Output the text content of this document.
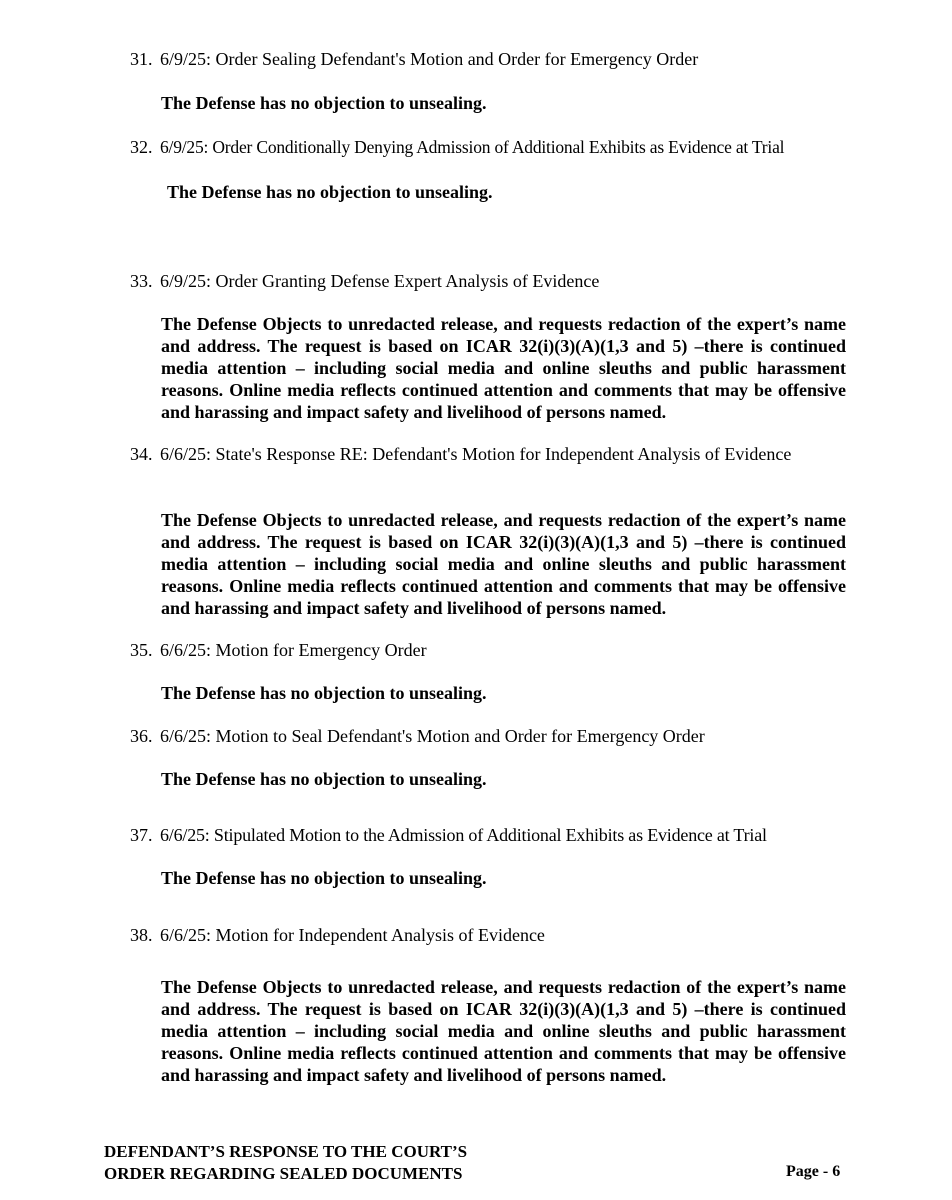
31. 6/9/25: Order Sealing Defendant's Motion and Order for Emergency Order

The Defense has no objection to unsealing.

32. 6/9/25: Order Conditionally Denying Admission of Additional Exhibits as Evidence at Trial

The Defense has no objection to unsealing.

33. 6/9/25: Order Granting Defense Expert Analysis of Evidence

The Defense Objects to unredacted release, and requests redaction of the expert’s name and address. The request is based on ICAR 32(i)(3)(A)(1,3 and 5) –there is continued media attention – including social media and online sleuths and public harassment reasons. Online media reflects continued attention and comments that may be offensive and harassing and impact safety and livelihood of persons named.

34. 6/6/25: State's Response RE: Defendant's Motion for Independent Analysis of Evidence

The Defense Objects to unredacted release, and requests redaction of the expert’s name and address. The request is based on ICAR 32(i)(3)(A)(1,3 and 5) –there is continued media attention – including social media and online sleuths and public harassment reasons. Online media reflects continued attention and comments that may be offensive and harassing and impact safety and livelihood of persons named.

35. 6/6/25: Motion for Emergency Order

The Defense has no objection to unsealing.

36. 6/6/25: Motion to Seal Defendant's Motion and Order for Emergency Order

The Defense has no objection to unsealing.

37. 6/6/25: Stipulated Motion to the Admission of Additional Exhibits as Evidence at Trial

The Defense has no objection to unsealing.

38. 6/6/25: Motion for Independent Analysis of Evidence

The Defense Objects to unredacted release, and requests redaction of the expert’s name and address. The request is based on ICAR 32(i)(3)(A)(1,3 and 5) –there is continued media attention – including social media and online sleuths and public harassment reasons. Online media reflects continued attention and comments that may be offensive and harassing and impact safety and livelihood of persons named.

DEFENDANT’S RESPONSE TO THE COURT’S
ORDER REGARDING SEALED DOCUMENTS	Page - 6
